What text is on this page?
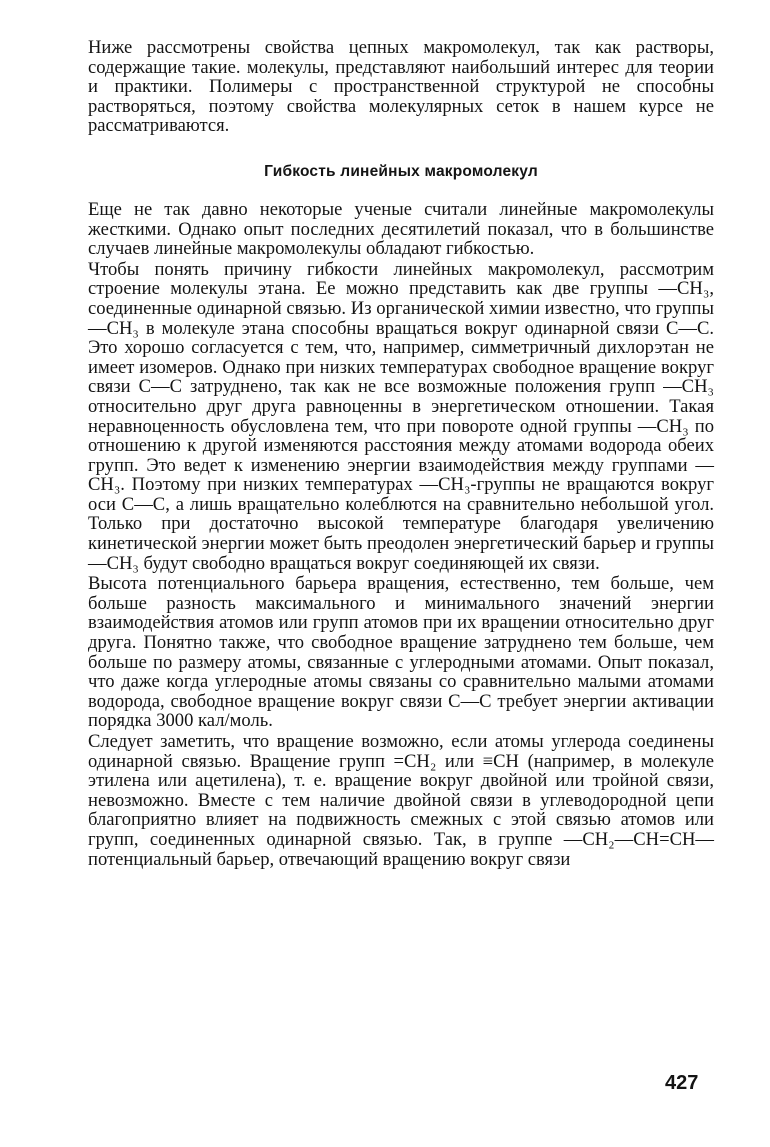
Ниже рассмотрены свойства цепных макромолекул, так как растворы, содержащие такие. молекулы, представляют наибольший интерес для теории и практики. Полимеры с пространственной структурой не способны растворяться, поэтому свойства молекулярных сеток в нашем курсе не рассматриваются.

Гибкость линейных макромолекул

Еще не так давно некоторые ученые считали линейные макромолекулы жесткими. Однако опыт последних десятилетий показал, что в большинстве случаев линейные макромолекулы обладают гибкостью.

Чтобы понять причину гибкости линейных макромолекул, рассмотрим строение молекулы этана. Ее можно представить как две группы —CH₃, соединенные одинарной связью. Из органической химии известно, что группы —CH₃ в молекуле этана способны вращаться вокруг одинарной связи C—C. Это хорошо согласуется с тем, что, например, симметричный дихлорэтан не имеет изомеров. Однако при низких температурах свободное вращение вокруг связи C—C затруднено, так как не все возможные положения групп —CH₃ относительно друг друга равноценны в энергетическом отношении. Такая неравноценность обусловлена тем, что при повороте одной группы —CH₃ по отношению к другой изменяются расстояния между атомами водорода обеих групп. Это ведет к изменению энергии взаимодействия между группами —CH₃. Поэтому при низких температурах —CH₃-группы не вращаются вокруг оси C—C, а лишь вращательно колеблются на сравнительно небольшой угол. Только при достаточно высокой температуре благодаря увеличению кинетической энергии может быть преодолен энергетический барьер и группы —CH₃ будут свободно вращаться вокруг соединяющей их связи.

Высота потенциального барьера вращения, естественно, тем больше, чем больше разность максимального и минимального значений энергии взаимодействия атомов или групп атомов при их вращении относительно друг друга. Понятно также, что свободное вращение затруднено тем больше, чем больше по размеру атомы, связанные с углеродными атомами. Опыт показал, что даже когда углеродные атомы связаны со сравнительно малыми атомами водорода, свободное вращение вокруг связи C—C требует энергии активации порядка 3000 кал/моль.

Следует заметить, что вращение возможно, если атомы углерода соединены одинарной связью. Вращение групп =CH₂ или ≡CH (например, в молекуле этилена или ацетилена), т. е. вращение вокруг двойной или тройной связи, невозможно. Вместе с тем наличие двойной связи в углеводородной цепи благоприятно влияет на подвижность смежных с этой связью атомов или групп, соединенных одинарной связью. Так, в группе —CH₂—CH=CH— потенциальный барьер, отвечающий вращению вокруг связи

427
